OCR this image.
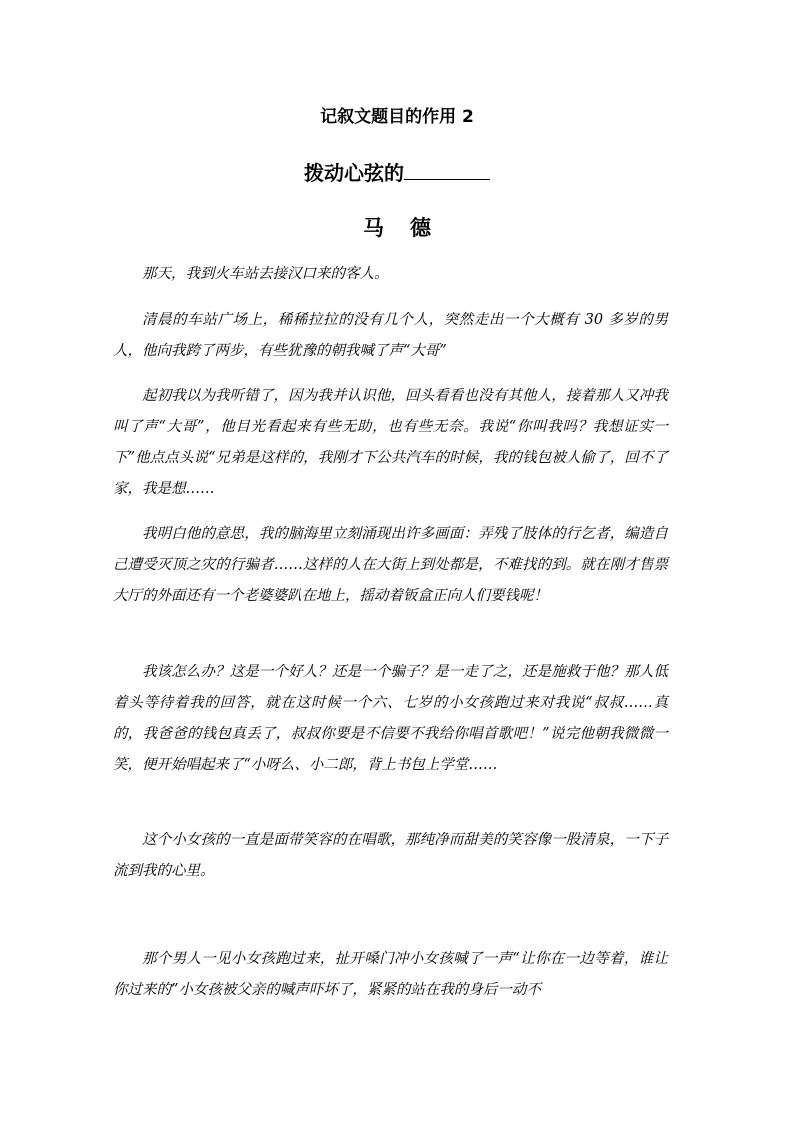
记叙文题目的作用 2
拨动心弦的
马德

那天，我到火车站去接汉口来的客人。

清晨的车站广场上，稀稀拉拉的没有几个人，突然走出一个大概有 30 多岁的男人，他向我跨了两步，有些犹豫的朝我喊了声“大哥”

起初我以为我听错了，因为我并认识他，回头看看也没有其他人，接着那人又冲我叫了声“大哥”，他目光看起来有些无助，也有些无奈。我说“你叫我吗？我想证实一下”他点点头说“兄弟是这样的，我刚才下公共汽车的时候，我的钱包被人偷了，回不了家，我是想……

我明白他的意思，我的脑海里立刻涌现出许多画面：弄残了肢体的行乞者，编造自己遭受灭顶之灾的行骗者……这样的人在大街上到处都是，不难找的到。就在刚才售票大厅的外面还有一个老婆婆趴在地上，摇动着钣盒正向人们要钱呢！

我该怎么办？这是一个好人？还是一个骗子？是一走了之，还是施救于他？那人低着头等待着我的回答，就在这时候一个六、七岁的小女孩跑过来对我说“叔叔……真的，我爸爸的钱包真丢了，叔叔你要是不信要不我给你唱首歌吧！”说完他朝我微微一笑，便开始唱起来了“小呀么、小二郎，背上书包上学堂……

这个小女孩的一直是面带笑容的在唱歌，那纯净而甜美的笑容像一股清泉，一下子流到我的心里。

那个男人一见小女孩跑过来，扯开嗓门冲小女孩喊了一声“让你在一边等着，谁让你过来的”小女孩被父亲的喊声吓坏了，紧紧的站在我的身后一动不
